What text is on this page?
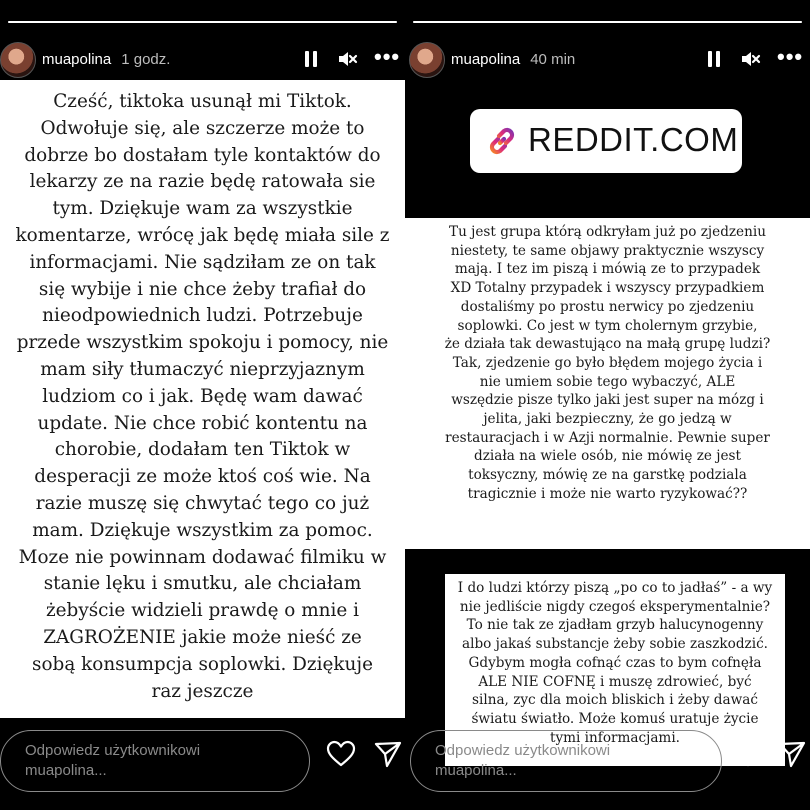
muapolina 1 godz.	•••
Cześć, tiktoka usunął mi Tiktok.
Odwołuje się, ale szczerze może to
dobrze bo dostałam tyle kontaktów do
lekarzy ze na razie będę ratowała sie
tym. Dziękuje wam za wszystkie
komentarze, wrócę jak będę miała sile z
informacjami. Nie sądziłam ze on tak
się wybije i nie chce żeby trafiał do
nieodpowiednich ludzi. Potrzebuje
przede wszystkim spokoju i pomocy, nie
mam siły tłumaczyć nieprzyjaznym
ludziom co i jak. Będę wam dawać
update. Nie chce robić kontentu na
chorobie, dodałam ten Tiktok w
desperacji ze może ktoś coś wie. Na
razie muszę się chwytać tego co już
mam. Dziękuje wszystkim za pomoc.
Moze nie powinnam dodawać filmiku w
stanie lęku i smutku, ale chciałam
żebyście widzieli prawdę o mnie i
ZAGROŻENIE jakie może nieść ze
sobą konsumpcja soplowki. Dziękuje
raz jeszcze
Odpowiedz użytkownikowi
muapolina...
muapolina 40 min	•••
REDDIT.COM
Tu jest grupa którą odkryłam już po zjedzeniu
niestety, te same objawy praktycznie wszyscy
mają. I tez im piszą i mówią ze to przypadek
XD Totalny przypadek i wszyscy przypadkiem
dostaliśmy po prostu nerwicy po zjedzeniu
soplowki. Co jest w tym cholernym grzybie,
że działa tak dewastująco na małą grupę ludzi?
Tak, zjedzenie go było błędem mojego życia i
nie umiem sobie tego wybaczyć, ALE
wszędzie pisze tylko jaki jest super na mózg i
jelita, jaki bezpieczny, że go jedzą w
restauracjach i w Azji normalnie. Pewnie super
działa na wiele osób, nie mówię ze jest
toksyczny, mówię ze na garstkę podziala
tragicznie i może nie warto ryzykować??
I do ludzi którzy piszą „po co to jadłaś” - a wy
nie jedliście nigdy czegoś eksperymentalnie?
To nie tak ze zjadłam grzyb halucynogenny
albo jakaś substancje żeby sobie zaszkodzić.
Gdybym mogła cofnąć czas to bym cofnęła
ALE NIE COFNĘ i muszę zdrowieć, być
silna, zyc dla moich bliskich i żeby dawać
światu światło. Może komuś uratuje życie
tymi informacjami.
Odpowiedz użytkownikowi
muapolina...
